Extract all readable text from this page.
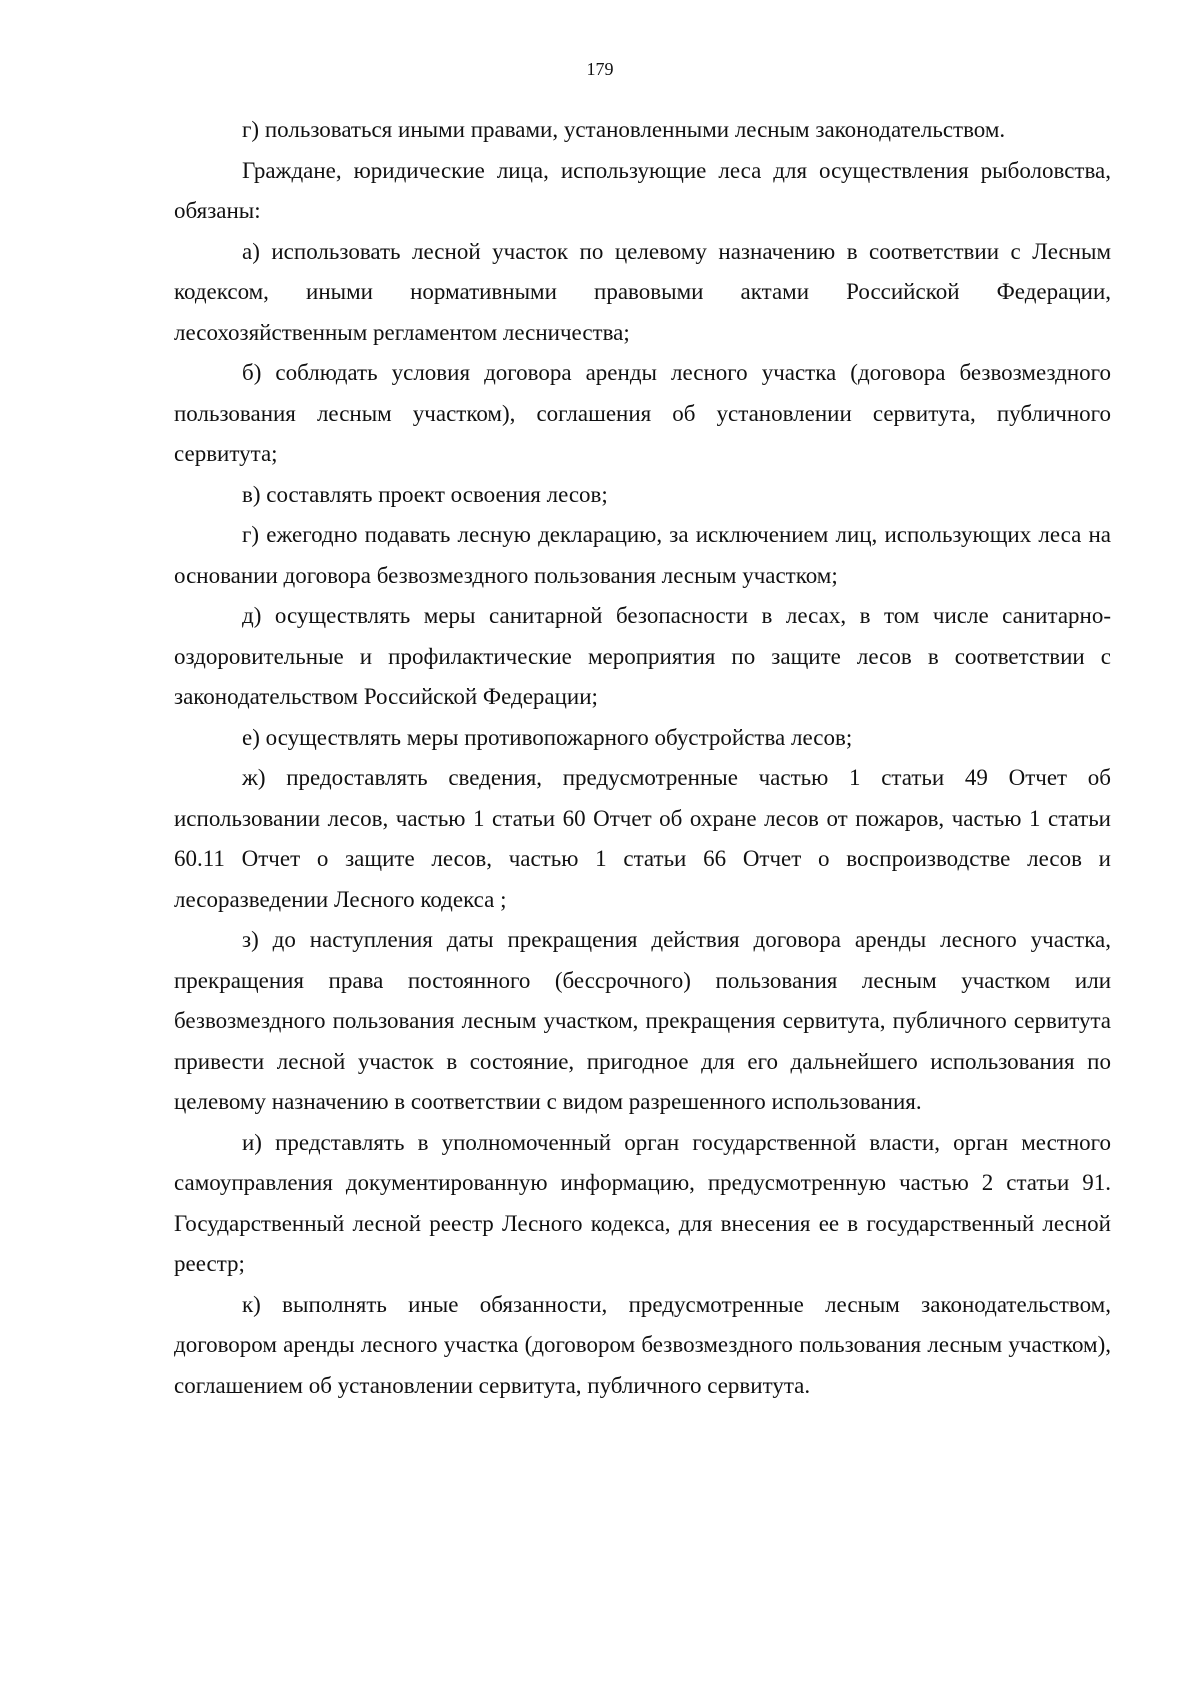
179

г) пользоваться иными правами, установленными лесным законодательством.

Граждане, юридические лица, использующие леса для осуществления рыболовства, обязаны:

а) использовать лесной участок по целевому назначению в соответствии с Лесным кодексом, иными нормативными правовыми актами Российской Федерации, лесохозяйственным регламентом лесничества;

б) соблюдать условия договора аренды лесного участка (договора безвозмездного пользования лесным участком), соглашения об установлении сервитута, публичного сервитута;

в) составлять проект освоения лесов;

г) ежегодно подавать лесную декларацию, за исключением лиц, использующих леса на основании договора безвозмездного пользования лесным участком;

д) осуществлять меры санитарной безопасности в лесах, в том числе санитарно-оздоровительные и профилактические мероприятия по защите лесов в соответствии с законодательством Российской Федерации;

е) осуществлять меры противопожарного обустройства лесов;

ж) предоставлять сведения, предусмотренные частью 1 статьи 49 Отчет об использовании лесов, частью 1 статьи 60 Отчет об охране лесов от пожаров, частью 1 статьи 60.11 Отчет о защите лесов, частью 1 статьи 66 Отчет о воспроизводстве лесов и лесоразведении Лесного кодекса ;

з) до наступления даты прекращения действия договора аренды лесного участка, прекращения права постоянного (бессрочного) пользования лесным участком или безвозмездного пользования лесным участком, прекращения сервитута, публичного сервитута привести лесной участок в состояние, пригодное для его дальнейшего использования по целевому назначению в соответствии с видом разрешенного использования.

и) представлять в уполномоченный орган государственной власти, орган местного самоуправления документированную информацию, предусмотренную частью 2 статьи 91. Государственный лесной реестр Лесного кодекса, для внесения ее в государственный лесной реестр;

к) выполнять иные обязанности, предусмотренные лесным законодательством, договором аренды лесного участка (договором безвозмездного пользования лесным участком), соглашением об установлении сервитута, публичного сервитута.
